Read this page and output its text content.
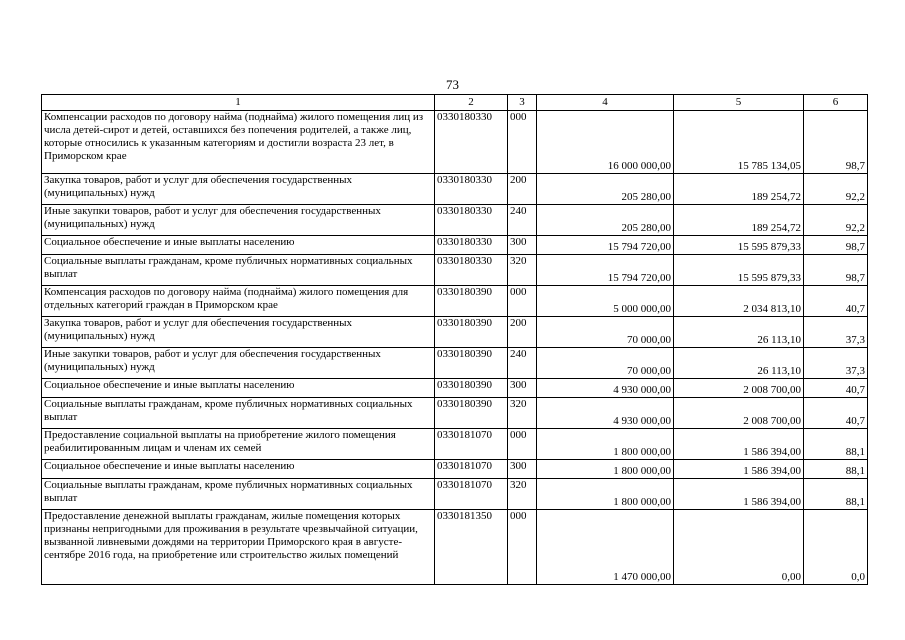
73
1	2	3	4	5	6
Компенсации расходов по договору найма (поднайма) жилого помещения лиц из числа детей-сирот и детей, оставшихся без попечения родителей, а также лиц, которые относились к указанным категориям и достигли возраста 23 лет, в Приморском крае	0330180330	000	16 000 000,00	15 785 134,05	98,7
Закупка товаров, работ и услуг для обеспечения государственных (муниципальных) нужд	0330180330	200	205 280,00	189 254,72	92,2
Иные закупки товаров, работ и услуг для обеспечения государственных (муниципальных) нужд	0330180330	240	205 280,00	189 254,72	92,2
Социальное обеспечение и иные выплаты населению	0330180330	300	15 794 720,00	15 595 879,33	98,7
Социальные выплаты гражданам, кроме публичных нормативных социальных выплат	0330180330	320	15 794 720,00	15 595 879,33	98,7
Компенсация расходов по договору найма (поднайма) жилого помещения для отдельных категорий граждан в Приморском крае	0330180390	000	5 000 000,00	2 034 813,10	40,7
Закупка товаров, работ и услуг для обеспечения государственных (муниципальных) нужд	0330180390	200	70 000,00	26 113,10	37,3
Иные закупки товаров, работ и услуг для обеспечения государственных (муниципальных) нужд	0330180390	240	70 000,00	26 113,10	37,3
Социальное обеспечение и иные выплаты населению	0330180390	300	4 930 000,00	2 008 700,00	40,7
Социальные выплаты гражданам, кроме публичных нормативных социальных выплат	0330180390	320	4 930 000,00	2 008 700,00	40,7
Предоставление социальной выплаты на приобретение жилого помещения реабилитированным лицам и членам их семей	0330181070	000	1 800 000,00	1 586 394,00	88,1
Социальное обеспечение и иные выплаты населению	0330181070	300	1 800 000,00	1 586 394,00	88,1
Социальные выплаты гражданам, кроме публичных нормативных социальных выплат	0330181070	320	1 800 000,00	1 586 394,00	88,1
Предоставление денежной выплаты гражданам, жилые помещения которых признаны непригодными для проживания в результате чрезвычайной ситуации, вызванной ливневыми дождями на территории Приморского края в августе-сентябре 2016 года, на приобретение или строительство жилых помещений	0330181350	000	1 470 000,00	0,00	0,0
